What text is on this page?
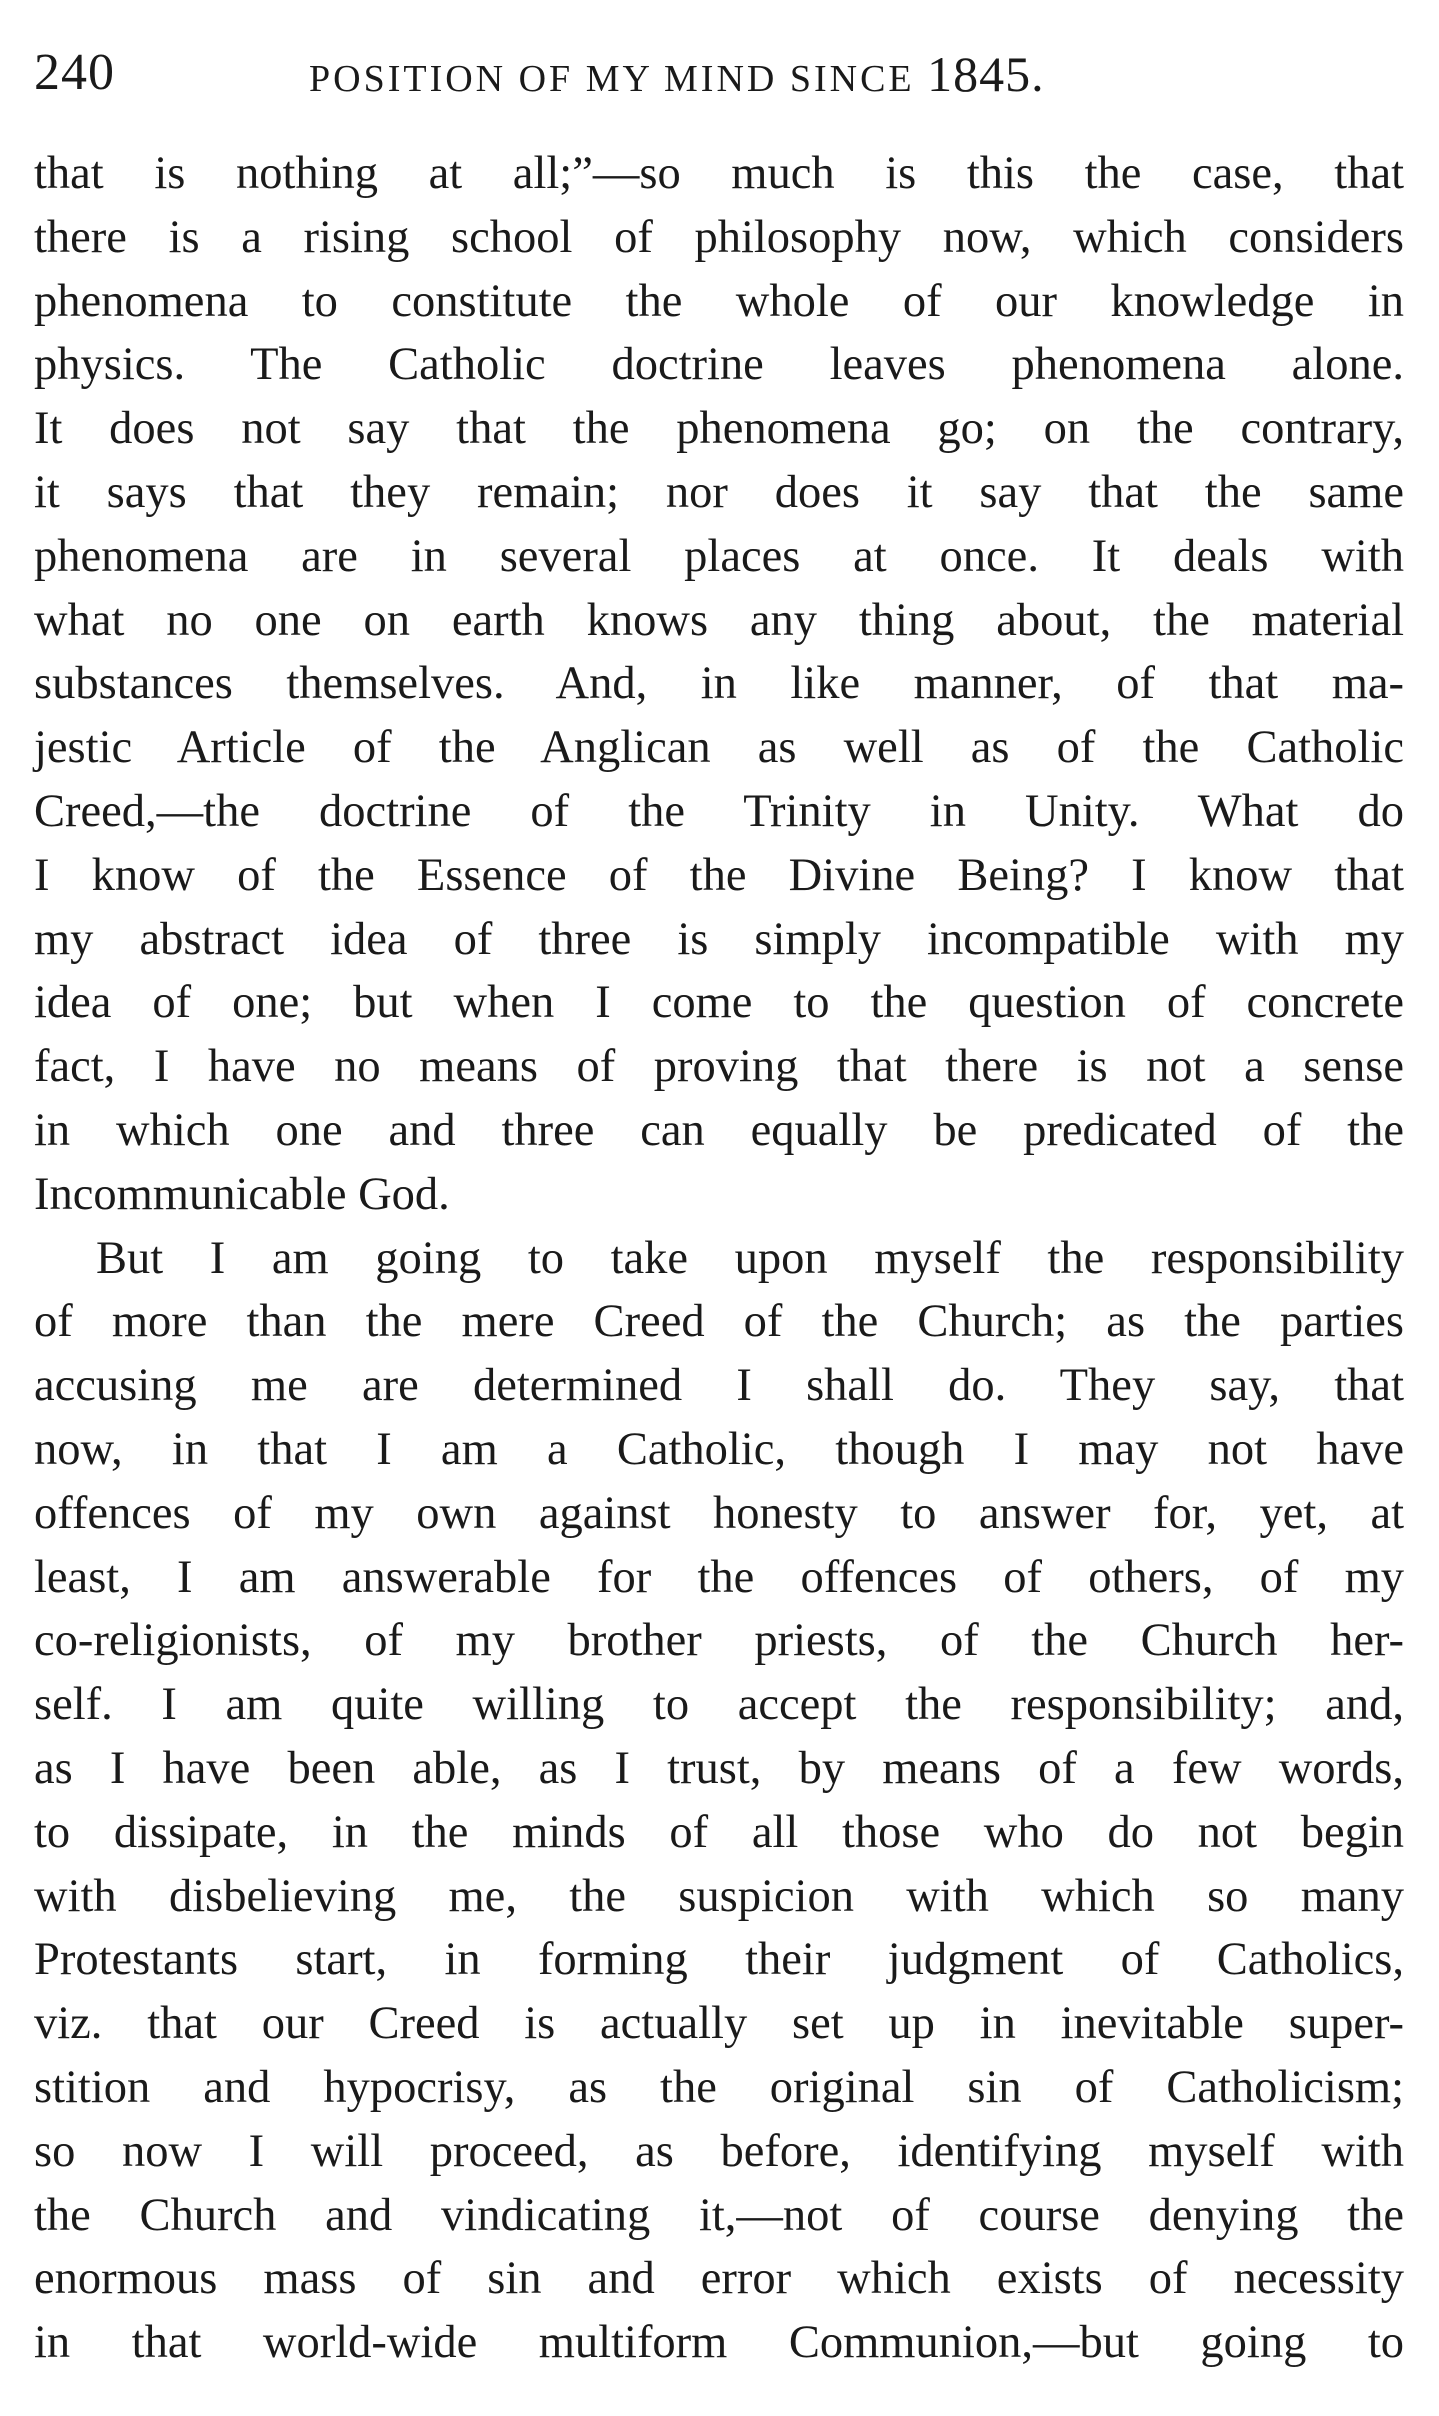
240	POSITION OF MY MIND SINCE 1845.
that is nothing at all;”—so much is this the case, that
there is a rising school of philosophy now, which considers
phenomena to constitute the whole of our knowledge in
physics. The Catholic doctrine leaves phenomena alone.
It does not say that the phenomena go; on the contrary,
it says that they remain; nor does it say that the same
phenomena are in several places at once. It deals with
what no one on earth knows any thing about, the material
substances themselves. And, in like manner, of that ma-
jestic Article of the Anglican as well as of the Catholic
Creed,—the doctrine of the Trinity in Unity. What do
I know of the Essence of the Divine Being? I know that
my abstract idea of three is simply incompatible with my
idea of one; but when I come to the question of concrete
fact, I have no means of proving that there is not a sense
in which one and three can equally be predicated of the
Incommunicable God.
But I am going to take upon myself the responsibility
of more than the mere Creed of the Church; as the parties
accusing me are determined I shall do. They say, that
now, in that I am a Catholic, though I may not have
offences of my own against honesty to answer for, yet, at
least, I am answerable for the offences of others, of my
co-religionists, of my brother priests, of the Church her-
self. I am quite willing to accept the responsibility; and,
as I have been able, as I trust, by means of a few words,
to dissipate, in the minds of all those who do not begin
with disbelieving me, the suspicion with which so many
Protestants start, in forming their judgment of Catholics,
viz. that our Creed is actually set up in inevitable super-
stition and hypocrisy, as the original sin of Catholicism;
so now I will proceed, as before, identifying myself with
the Church and vindicating it,—not of course denying the
enormous mass of sin and error which exists of necessity
in that world-wide multiform Communion,—but going to
